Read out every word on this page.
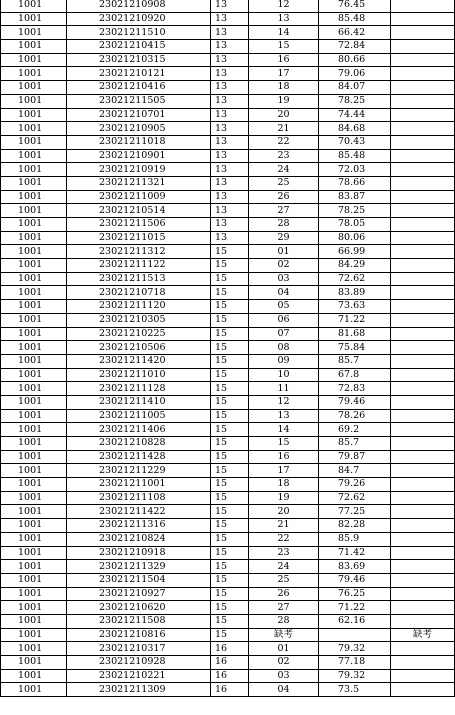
1001	23021210908	13	12	76.45	
1001	23021210920	13	13	85.48	
1001	23021211510	13	14	66.42	
1001	23021210415	13	15	72.84	
1001	23021210315	13	16	80.66	
1001	23021210121	13	17	79.06	
1001	23021210416	13	18	84.07	
1001	23021211505	13	19	78.25	
1001	23021210701	13	20	74.44	
1001	23021210905	13	21	84.68	
1001	23021211018	13	22	70.43	
1001	23021210901	13	23	85.48	
1001	23021210919	13	24	72.03	
1001	23021211321	13	25	78.66	
1001	23021211009	13	26	83.87	
1001	23021210514	13	27	78.25	
1001	23021211506	13	28	78.05	
1001	23021211015	13	29	80.06	
1001	23021211312	15	01	66.99	
1001	23021211122	15	02	84.29	
1001	23021211513	15	03	72.62	
1001	23021210718	15	04	83.89	
1001	23021211120	15	05	73.63	
1001	23021210305	15	06	71.22	
1001	23021210225	15	07	81.68	
1001	23021210506	15	08	75.84	
1001	23021211420	15	09	85.7	
1001	23021211010	15	10	67.8	
1001	23021211128	15	11	72.83	
1001	23021211410	15	12	79.46	
1001	23021211005	15	13	78.26	
1001	23021211406	15	14	69.2	
1001	23021210828	15	15	85.7	
1001	23021211428	15	16	79.87	
1001	23021211229	15	17	84.7	
1001	23021211001	15	18	79.26	
1001	23021211108	15	19	72.62	
1001	23021211422	15	20	77.25	
1001	23021211316	15	21	82.28	
1001	23021210824	15	22	85.9	
1001	23021210918	15	23	71.42	
1001	23021211329	15	24	83.69	
1001	23021211504	15	25	79.46	
1001	23021210927	15	26	76.25	
1001	23021210620	15	27	71.22	
1001	23021211508	15	28	62.16	
1001	23021210816	15	缺考		缺考
1001	23021210317	16	01	79.32	
1001	23021210928	16	02	77.18	
1001	23021210221	16	03	79.32	
1001	23021211309	16	04	73.5	
